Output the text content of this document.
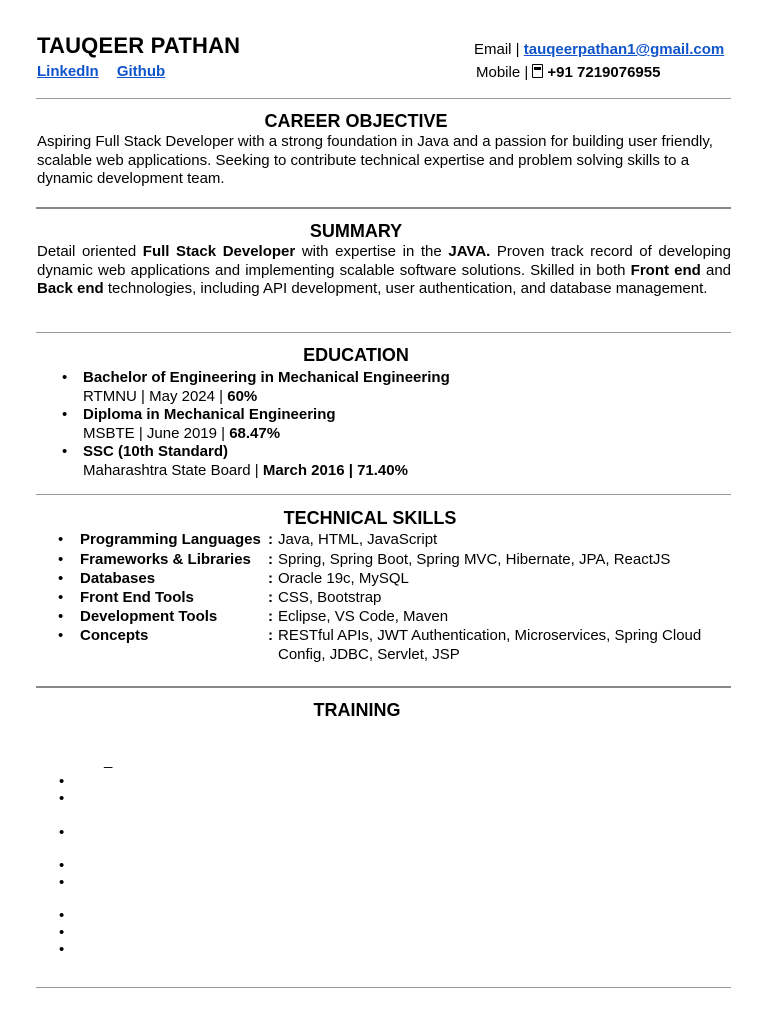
TAUQEER PATHAN
LinkedIn Github
Email | tauqeerpathan1@gmail.com
Mobile | +91 7219076955
CAREER OBJECTIVE
Aspiring Full Stack Developer with a strong foundation in Java and a passion for building user friendly, scalable web applications. Seeking to contribute technical expertise and problem solving skills to a dynamic development team.
SUMMARY
Detail oriented Full Stack Developer with expertise in the JAVA. Proven track record of developing dynamic web applications and implementing scalable software solutions. Skilled in both Front end and Back end technologies, including API development, user authentication, and database management.
EDUCATION
• Bachelor of Engineering in Mechanical Engineering
RTMNU | May 2024 | 60%
• Diploma in Mechanical Engineering
MSBTE | June 2019 | 68.47%
• SSC (10th Standard)
Maharashtra State Board | March 2016 | 71.40%
TECHNICAL SKILLS
• Programming Languages : Java, HTML, JavaScript
• Frameworks & Libraries : Spring, Spring Boot, Spring MVC, Hibernate, JPA, ReactJS
• Databases	: Oracle 19c, MySQL
• Front End Tools	: CSS, Bootstrap
• Development Tools	: Eclipse, VS Code, Maven
• Concepts	: RESTful APIs, JWT Authentication, Microservices, Spring Cloud Config, JDBC, Servlet, JSP
TRAINING
_
•
•
•
•
•
•
•
•
